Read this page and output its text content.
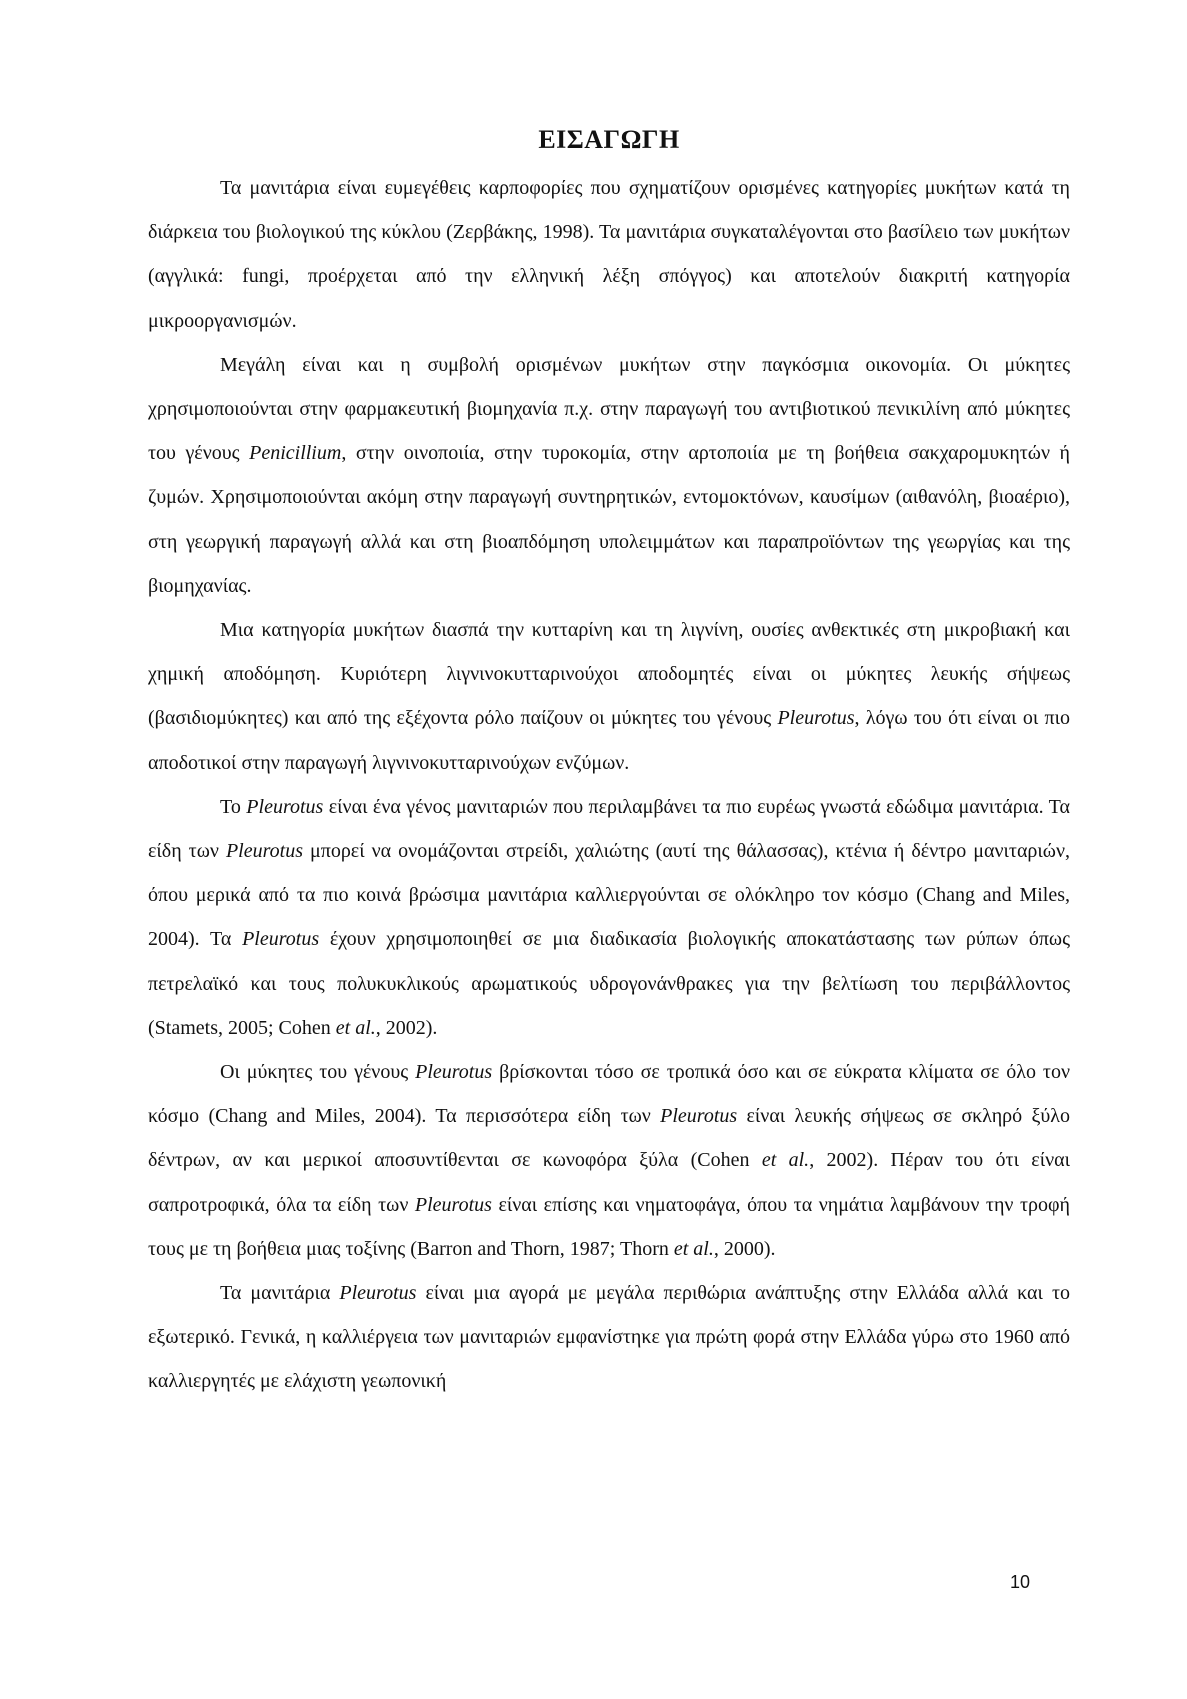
ΕΙΣΑΓΩΓΗ

Τα μανιτάρια είναι ευμεγέθεις καρποφορίες που σχηματίζουν ορισμένες κατηγορίες μυκήτων κατά τη διάρκεια του βιολογικού της κύκλου (Ζερβάκης, 1998). Τα μανιτάρια συγκαταλέγονται στο βασίλειο των μυκήτων (αγγλικά: fungi, προέρχεται από την ελληνική λέξη σπόγγος) και αποτελούν διακριτή κατηγορία μικροοργανισμών.

Μεγάλη είναι και η συμβολή ορισμένων μυκήτων στην παγκόσμια οικονομία. Οι μύκητες χρησιμοποιούνται στην φαρμακευτική βιομηχανία π.χ. στην παραγωγή του αντιβιοτικού πενικιλίνη από μύκητες του γένους Penicillium, στην οινοποιία, στην τυροκομία, στην αρτοποιία με τη βοήθεια σακχαρομυκητών ή ζυμών. Χρησιμοποιούνται ακόμη στην παραγωγή συντηρητικών, εντομοκτόνων, καυσίμων (αιθανόλη, βιοαέριο), στη γεωργική παραγωγή αλλά και στη βιοαπδόμηση υπολειμμάτων και παραπροϊόντων της γεωργίας και της βιομηχανίας.

Μια κατηγορία μυκήτων διασπά την κυτταρίνη και τη λιγνίνη, ουσίες ανθεκτικές στη μικροβιακή και χημική αποδόμηση. Κυριότερη λιγνινοκυτταρινούχοι αποδομητές είναι οι μύκητες λευκής σήψεως (βασιδιομύκητες) και από της εξέχοντα ρόλο παίζουν οι μύκητες του γένους Pleurotus, λόγω του ότι είναι οι πιο αποδοτικοί στην παραγωγή λιγνινοκυτταρινούχων ενζύμων.

Το Pleurotus είναι ένα γένος μανιταριών που περιλαμβάνει τα πιο ευρέως γνωστά εδώδιμα μανιτάρια. Τα είδη των Pleurotus μπορεί να ονομάζονται στρείδι, χαλιώτης (αυτί της θάλασσας), κτένια ή δέντρο μανιταριών, όπου μερικά από τα πιο κοινά βρώσιμα μανιτάρια καλλιεργούνται σε ολόκληρο τον κόσμο (Chang and Miles, 2004). Τα Pleurotus έχουν χρησιμοποιηθεί σε μια διαδικασία βιολογικής αποκατάστασης των ρύπων όπως πετρελαϊκό και τους πολυκυκλικούς αρωματικούς υδρογονάνθρακες για την βελτίωση του περιβάλλοντος (Stamets, 2005; Cohen et al., 2002).

Οι μύκητες του γένους Pleurotus βρίσκονται τόσο σε τροπικά όσο και σε εύκρατα κλίματα σε όλο τον κόσμο (Chang and Miles, 2004). Τα περισσότερα είδη των Pleurotus είναι λευκής σήψεως σε σκληρό ξύλο δέντρων, αν και μερικοί αποσυντίθενται σε κωνοφόρα ξύλα (Cohen et al., 2002). Πέραν του ότι είναι σαπροτροφικά, όλα τα είδη των Pleurotus είναι επίσης και νηματοφάγα, όπου τα νημάτια λαμβάνουν την τροφή τους με τη βοήθεια μιας τοξίνης (Barron and Thorn, 1987; Thorn et al., 2000).

Τα μανιτάρια Pleurotus είναι μια αγορά με μεγάλα περιθώρια ανάπτυξης στην Ελλάδα αλλά και το εξωτερικό. Γενικά, η καλλιέργεια των μανιταριών εμφανίστηκε για πρώτη φορά στην Ελλάδα γύρω στο 1960 από καλλιεργητές με ελάχιστη γεωπονική

10
